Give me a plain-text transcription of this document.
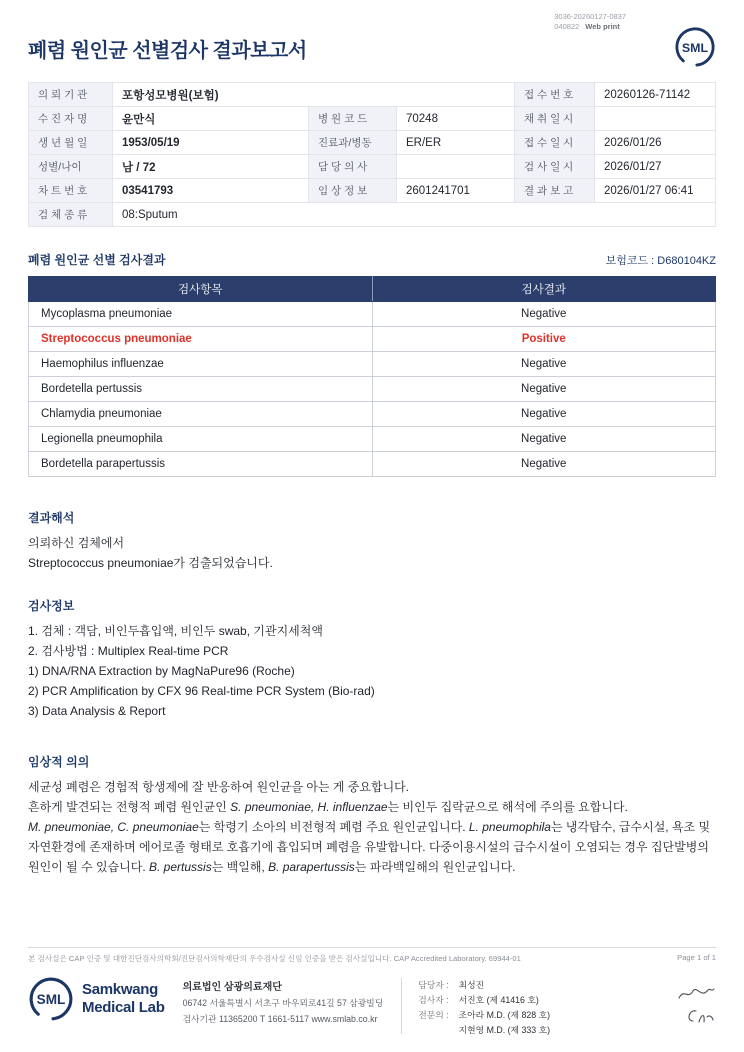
3036-20260127-0837
040822 Web print
폐렴 원인균 선별검사 결과보고서	SML
의 뢰 기 관	포항성모병원(보험)			접 수 번 호	20260126-71142
수 진 자 명	윤만식	병 원 코 드	70248	채 취 일 시	
생 년 월 일	1953/05/19	진료과/병동	ER/ER	접 수 일 시	2026/01/26
성별/나이	남 / 72	담 당 의 사		검 사 일 시	2026/01/27
차 트 번 호	03541793	임 상 정 보	2601241701	결 과 보 고	2026/01/27 06:41
검 체 종 류	08:Sputum				
폐렴 원인균 선별 검사결과	보험코드 : D680104KZ
검사항목	검사결과
Mycoplasma pneumoniae	Negative
Streptococcus pneumoniae	Positive
Haemophilus influenzae	Negative
Bordetella pertussis	Negative
Chlamydia pneumoniae	Negative
Legionella pneumophila	Negative
Bordetella parapertussis	Negative
결과해석
의뢰하신 검체에서
Streptococcus pneumoniae가 검출되었습니다.
검사정보
1. 검체 : 객담, 비인두흡입액, 비인두 swab, 기관지세척액
2. 검사방법 : Multiplex Real-time PCR
1) DNA/RNA Extraction by MagNaPure96 (Roche)
2) PCR Amplification by CFX 96 Real-time PCR System (Bio-rad)
3) Data Analysis & Report
임상적 의의
세균성 폐렴은 경험적 항생제에 잘 반응하여 원인균을 아는 게 중요합니다.
흔하게 발견되는 전형적 폐렴 원인균인 S. pneumoniae, H. influenzae는 비인두 집락균으로 해석에 주의를 요합니다.
M. pneumoniae, C. pneumoniae는 학령기 소아의 비전형적 폐렴 주요 원인균입니다. L. pneumophila는 냉각탑수, 급수시설, 욕조 및 자연환경에 존재하며 에어로졸 형태로 호흡기에 흡입되며 폐렴을 유발합니다. 다중이용시설의 급수시설이 오염되는 경우 집단발병의 원인이 될 수 있습니다. B. pertussis는 백일해, B. parapertussis는 파라백일해의 원인균입니다.
본 검사실은 CAP 인증 및 대한진단검사의학회/진단검사의학재단의 우수검사실 신임 인증을 받은 검사실입니다. CAP Accredited Laboratory. 69944-01	Page 1 of 1
SML
Samkwang
Medical Lab
의료법인 삼광의료재단
06742 서울특별시 서초구 바우뫼로41길 57 삼광빌딩
검사기관 11365200 T 1661-5117 www.smlab.co.kr
담당자 : 최성진
검사자 : 서진호 (제 41416 호)
전문의 : 조아라 M.D. (제 828 호)
지현영 M.D. (제 333 호)
